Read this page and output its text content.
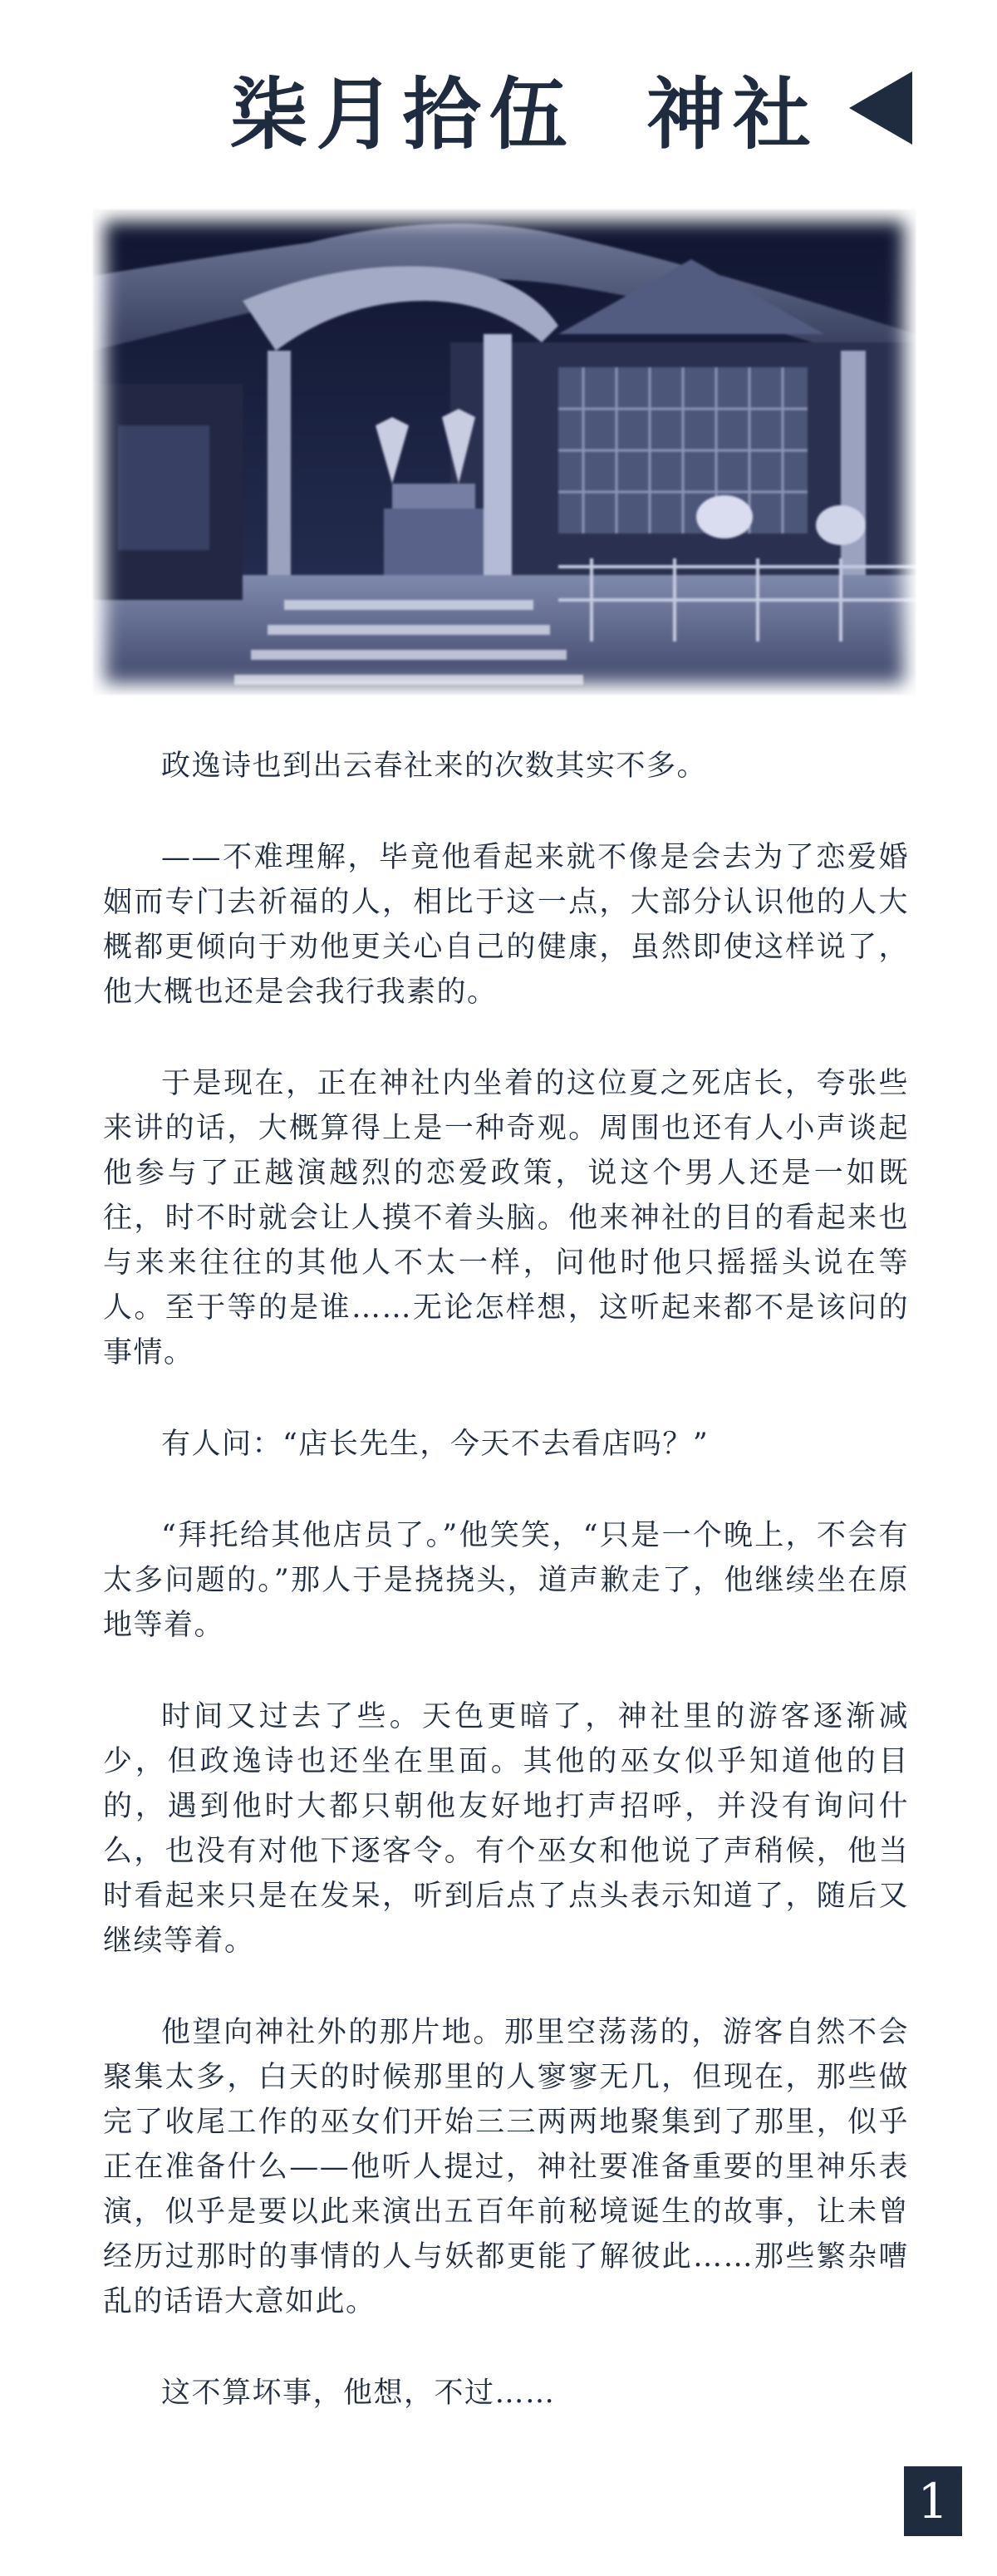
柒月拾伍  神社

政逸诗也到出云春社来的次数其实不多。

——不难理解，毕竟他看起来就不像是会去为了恋爱婚姻而专门去祈福的人，相比于这一点，大部分认识他的人大概都更倾向于劝他更关心自己的健康，虽然即使这样说了，他大概也还是会我行我素的。

于是现在，正在神社内坐着的这位夏之死店长，夸张些来讲的话，大概算得上是一种奇观。周围也还有人小声谈起他参与了正越演越烈的恋爱政策，说这个男人还是一如既往，时不时就会让人摸不着头脑。他来神社的目的看起来也与来来往往的其他人不太一样，问他时他只摇摇头说在等人。至于等的是谁……无论怎样想，这听起来都不是该问的事情。

有人问：“店长先生，今天不去看店吗？”

“拜托给其他店员了。”他笑笑，“只是一个晚上，不会有太多问题的。”那人于是挠挠头，道声歉走了，他继续坐在原地等着。

时间又过去了些。天色更暗了，神社里的游客逐渐减少，但政逸诗也还坐在里面。其他的巫女似乎知道他的目的，遇到他时大都只朝他友好地打声招呼，并没有询问什么，也没有对他下逐客令。有个巫女和他说了声稍候，他当时看起来只是在发呆，听到后点了点头表示知道了，随后又继续等着。

他望向神社外的那片地。那里空荡荡的，游客自然不会聚集太多，白天的时候那里的人寥寥无几，但现在，那些做完了收尾工作的巫女们开始三三两两地聚集到了那里，似乎正在准备什么——他听人提过，神社要准备重要的里神乐表演，似乎是要以此来演出五百年前秘境诞生的故事，让未曾经历过那时的事情的人与妖都更能了解彼此……那些繁杂嘈乱的话语大意如此。

这不算坏事，他想，不过……

1
